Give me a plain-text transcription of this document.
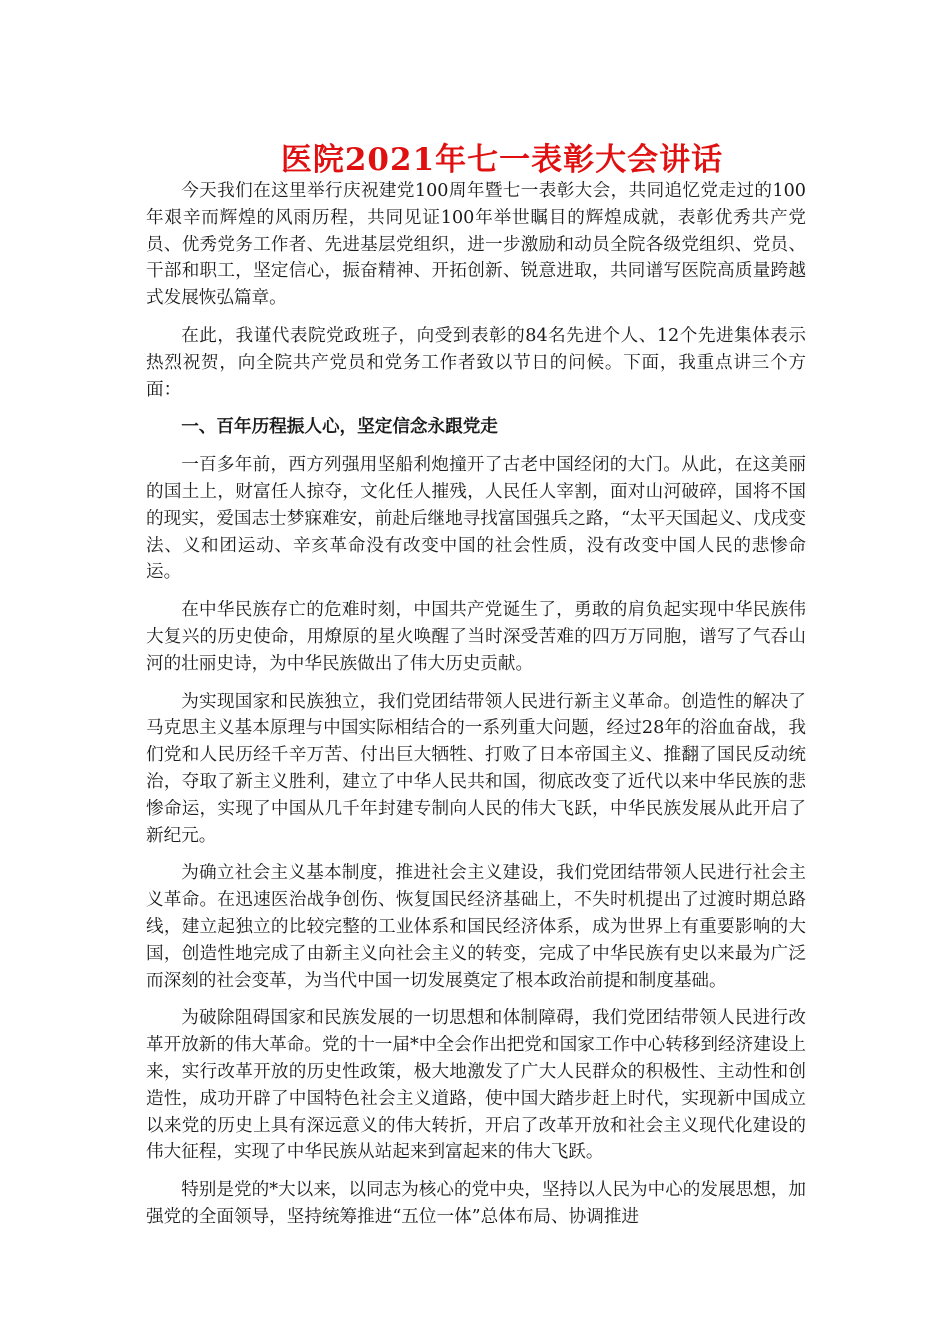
医院2021年七一表彰大会讲话

今天我们在这里举行庆祝建党100周年暨七一表彰大会，共同追忆党走过的100年艰辛而辉煌的风雨历程，共同见证100年举世瞩目的辉煌成就，表彰优秀共产党员、优秀党务工作者、先进基层党组织，进一步激励和动员全院各级党组织、党员、干部和职工，坚定信心，振奋精神、开拓创新、锐意进取，共同谱写医院高质量跨越式发展恢弘篇章。

在此，我谨代表院党政班子，向受到表彰的84名先进个人、12个先进集体表示热烈祝贺，向全院共产党员和党务工作者致以节日的问候。下面，我重点讲三个方面：

一、百年历程振人心，坚定信念永跟党走

一百多年前，西方列强用坚船利炮撞开了古老中国经闭的大门。从此，在这美丽的国土上，财富任人掠夺，文化任人摧残，人民任人宰割，面对山河破碎，国将不国的现实，爱国志士梦寐难安，前赴后继地寻找富国强兵之路，“太平天国起义、戊戌变法、义和团运动、辛亥革命没有改变中国的社会性质，没有改变中国人民的悲惨命运。

在中华民族存亡的危难时刻，中国共产党诞生了，勇敢的肩负起实现中华民族伟大复兴的历史使命，用燎原的星火唤醒了当时深受苦难的四万万同胞，谱写了气吞山河的壮丽史诗，为中华民族做出了伟大历史贡献。

为实现国家和民族独立，我们党团结带领人民进行新主义革命。创造性的解决了马克思主义基本原理与中国实际相结合的一系列重大问题，经过28年的浴血奋战，我们党和人民历经千辛万苦、付出巨大牺牲、打败了日本帝国主义、推翻了国民反动统治，夺取了新主义胜利，建立了中华人民共和国，彻底改变了近代以来中华民族的悲惨命运，实现了中国从几千年封建专制向人民的伟大飞跃，中华民族发展从此开启了新纪元。

为确立社会主义基本制度，推进社会主义建设，我们党团结带领人民进行社会主义革命。在迅速医治战争创伤、恢复国民经济基础上，不失时机提出了过渡时期总路线，建立起独立的比较完整的工业体系和国民经济体系，成为世界上有重要影响的大国，创造性地完成了由新主义向社会主义的转变，完成了中华民族有史以来最为广泛而深刻的社会变革，为当代中国一切发展奠定了根本政治前提和制度基础。

为破除阻碍国家和民族发展的一切思想和体制障碍，我们党团结带领人民进行改革开放新的伟大革命。党的十一届*中全会作出把党和国家工作中心转移到经济建设上来，实行改革开放的历史性政策，极大地激发了广大人民群众的积极性、主动性和创造性，成功开辟了中国特色社会主义道路，使中国大踏步赶上时代，实现新中国成立以来党的历史上具有深远意义的伟大转折，开启了改革开放和社会主义现代化建设的伟大征程，实现了中华民族从站起来到富起来的伟大飞跃。

特别是党的*大以来，以同志为核心的党中央，坚持以人民为中心的发展思想，加强党的全面领导，坚持统筹推进“五位一体”总体布局、协调推进
